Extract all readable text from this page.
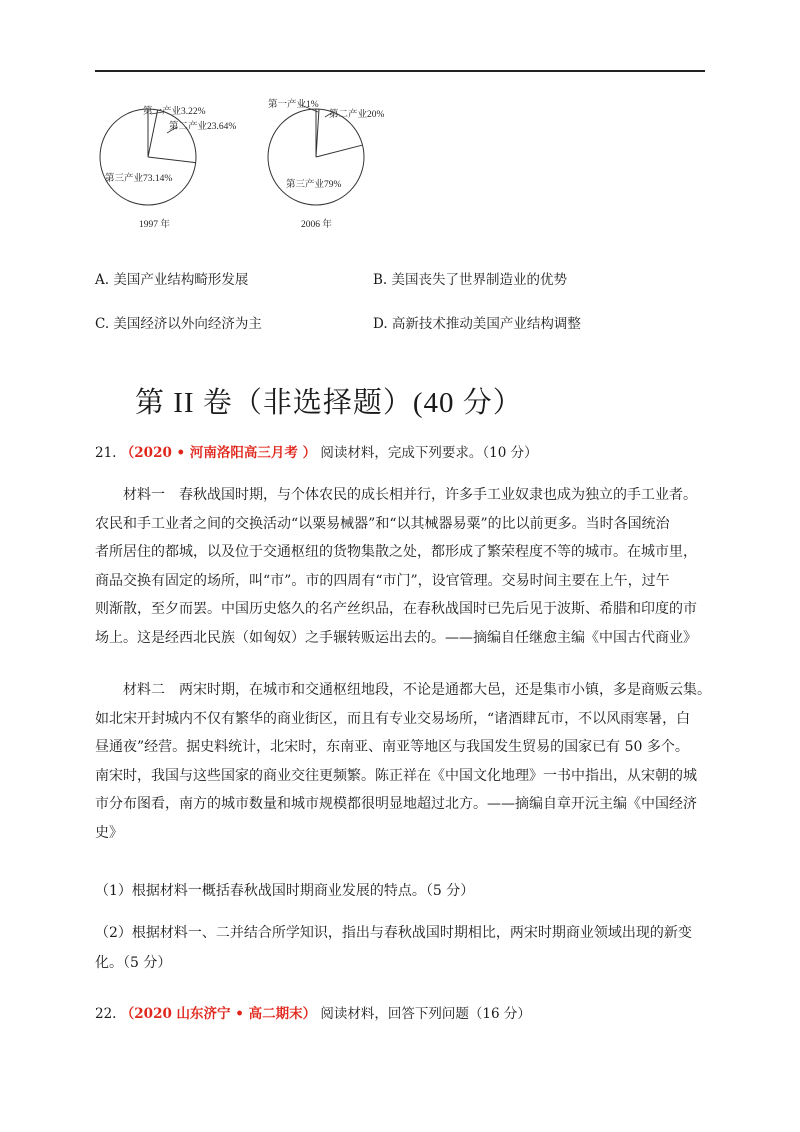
第一产业3.22%
第二产业23.64%
第三产业73.14%
1997 年
第一产业1%
第二产业20%
第三产业79%
2006 年
A. 美国产业结构畸形发展	B. 美国丧失了世界制造业的优势
C. 美国经济以外向经济为主	D. 高新技术推动美国产业结构调整
第 II 卷（非选择题）(40 分）
21. （2020 • 河南洛阳高三月考 ） 阅读材料，完成下列要求。（10 分）
材料一　春秋战国时期，与个体农民的成长相并行，许多手工业奴隶也成为独立的手工业者。
农民和手工业者之间的交换活动“以粟易械器”和“以其械器易粟”的比以前更多。当时各国统治
者所居住的都城，以及位于交通枢纽的货物集散之处，都形成了繁荣程度不等的城市。在城市里，
商品交换有固定的场所，叫“市”。市的四周有“市门”，设官管理。交易时间主要在上午，过午
则渐散，至夕而罢。中国历史悠久的名产丝织品，在春秋战国时已先后见于波斯、希腊和印度的市
场上。这是经西北民族（如匈奴）之手辗转贩运出去的。——摘编自任继愈主编《中国古代商业》
材料二　两宋时期，在城市和交通枢纽地段，不论是通都大邑，还是集市小镇，多是商贩云集。
如北宋开封城内不仅有繁华的商业街区，而且有专业交易场所，“诸酒肆瓦市，不以风雨寒暑，白
昼通夜”经营。据史料统计，北宋时，东南亚、南亚等地区与我国发生贸易的国家已有 50 多个。
南宋时，我国与这些国家的商业交往更频繁。陈正祥在《中国文化地理》一书中指出，从宋朝的城
市分布图看，南方的城市数量和城市规模都很明显地超过北方。——摘编自章开沅主编《中国经济
史》
（1）根据材料一概括春秋战国时期商业发展的特点。（5 分）
（2）根据材料一、二并结合所学知识，指出与春秋战国时期相比，两宋时期商业领域出现的新变
化。（5 分）
22. （2020 山东济宁 • 高二期末） 阅读材料，回答下列问题（16 分）
